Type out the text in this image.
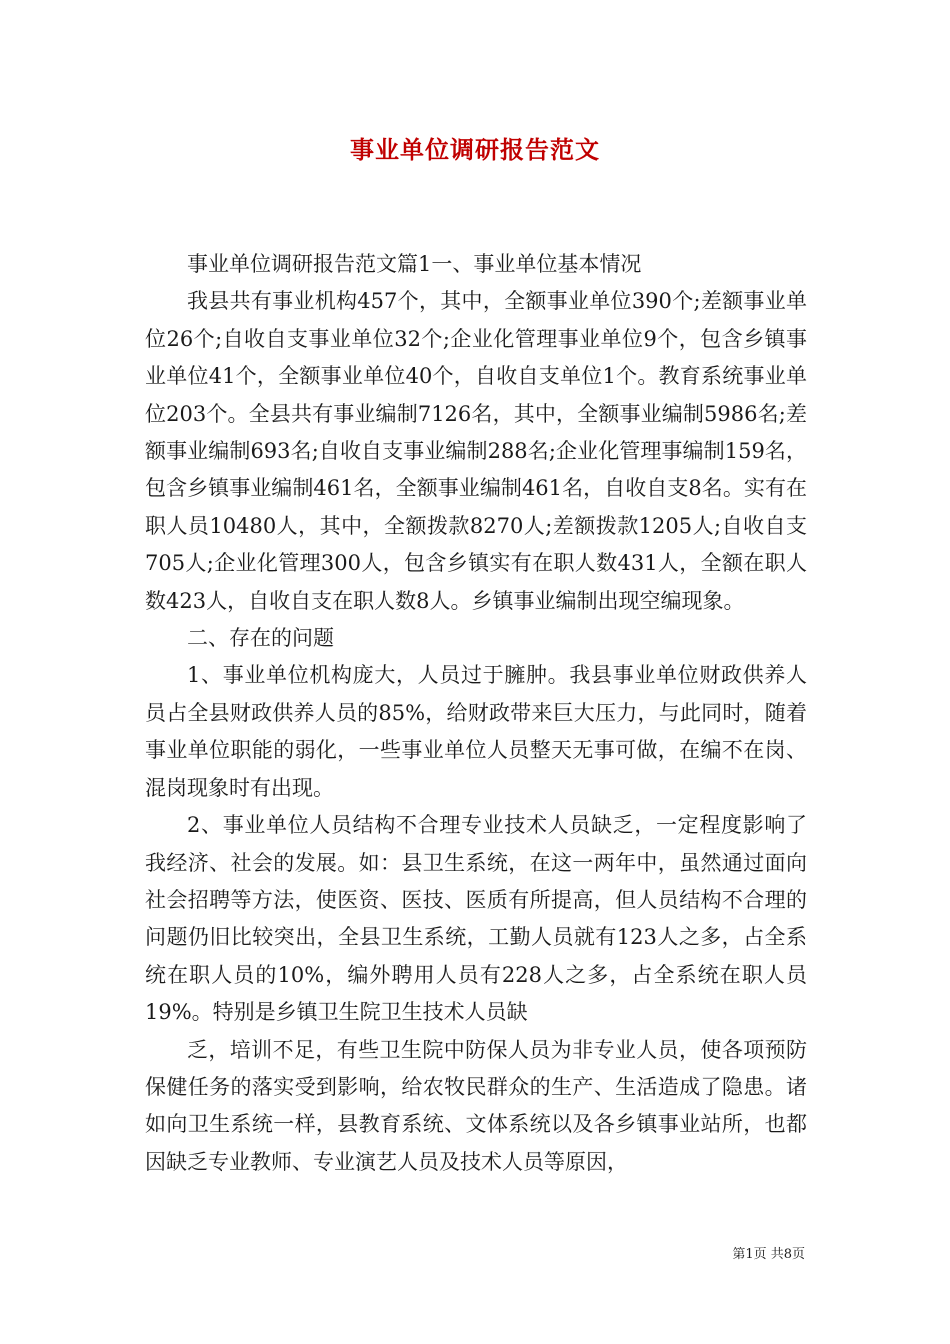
事业单位调研报告范文

事业单位调研报告范文篇1一、事业单位基本情况

我县共有事业机构457个，其中，全额事业单位390个;差额事业单位26个;自收自支事业单位32个;企业化管理事业单位9个，包含乡镇事业单位41个，全额事业单位40个，自收自支单位1个。教育系统事业单位203个。全县共有事业编制7126名，其中，全额事业编制5986名;差额事业编制693名;自收自支事业编制288名;企业化管理事编制159名，包含乡镇事业编制461名，全额事业编制461名，自收自支8名。实有在职人员10480人，其中，全额拨款8270人;差额拨款1205人;自收自支705人;企业化管理300人，包含乡镇实有在职人数431人，全额在职人数423人，自收自支在职人数8人。乡镇事业编制出现空编现象。

二、存在的问题

1、事业单位机构庞大，人员过于臃肿。我县事业单位财政供养人员占全县财政供养人员的85%，给财政带来巨大压力，与此同时，随着事业单位职能的弱化，一些事业单位人员整天无事可做，在编不在岗、混岗现象时有出现。

2、事业单位人员结构不合理专业技术人员缺乏，一定程度影响了我经济、社会的发展。如：县卫生系统，在这一两年中，虽然通过面向社会招聘等方法，使医资、医技、医质有所提高，但人员结构不合理的问题仍旧比较突出，全县卫生系统，工勤人员就有123人之多，占全系统在职人员的10%，编外聘用人员有228人之多，占全系统在职人员19%。特别是乡镇卫生院卫生技术人员缺

乏，培训不足，有些卫生院中防保人员为非专业人员，使各项预防保健任务的落实受到影响，给农牧民群众的生产、生活造成了隐患。诸如向卫生系统一样，县教育系统、文体系统以及各乡镇事业站所，也都因缺乏专业教师、专业演艺人员及技术人员等原因，

第1页 共8页
